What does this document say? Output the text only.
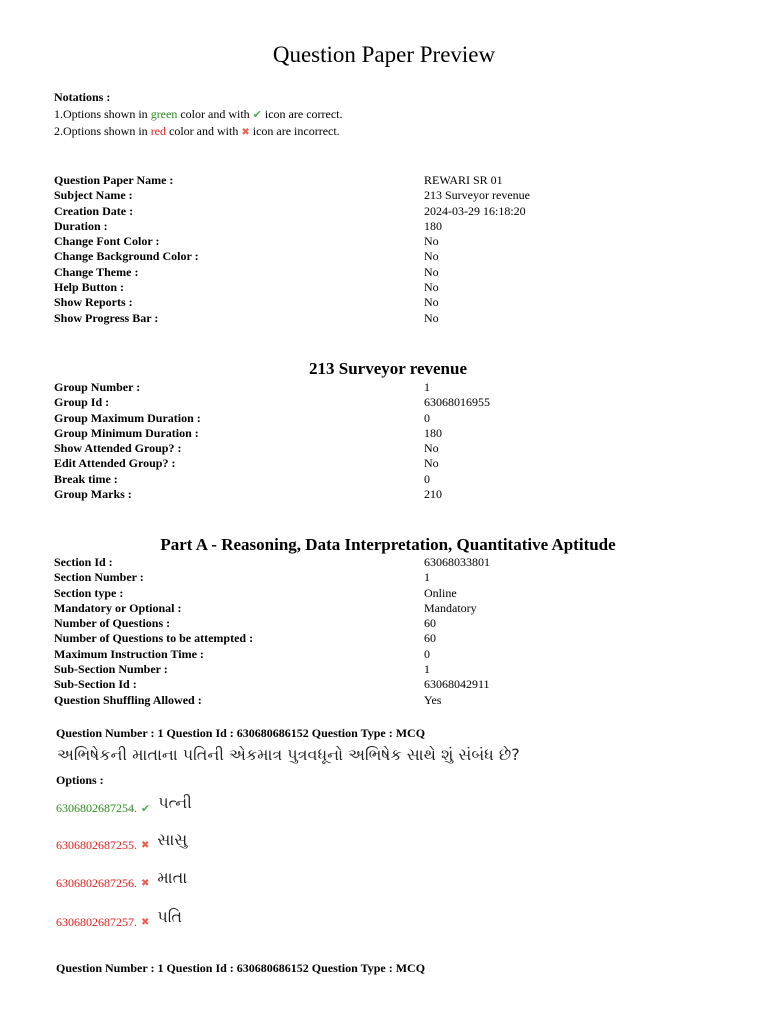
Question Paper Preview
Notations :
1.Options shown in green color and with ✔ icon are correct.
2.Options shown in red color and with ✖ icon are incorrect.
Question Paper Name :	REWARI SR 01
Subject Name :	213 Surveyor revenue
Creation Date :	2024-03-29 16:18:20
Duration :	180
Change Font Color :	No
Change Background Color :	No
Change Theme :	No
Help Button :	No
Show Reports :	No
Show Progress Bar :	No
213 Surveyor revenue
Group Number :	1
Group Id :	63068016955
Group Maximum Duration :	0
Group Minimum Duration :	180
Show Attended Group? :	No
Edit Attended Group? :	No
Break time :	0
Group Marks :	210
Part A - Reasoning, Data Interpretation, Quantitative Aptitude
Section Id :	63068033801
Section Number :	1
Section type :	Online
Mandatory or Optional :	Mandatory
Number of Questions :	60
Number of Questions to be attempted :	60
Maximum Instruction Time :	0
Sub-Section Number :	1
Sub-Section Id :	63068042911
Question Shuffling Allowed :	Yes
Question Number : 1 Question Id : 630680686152 Question Type : MCQ
અભિષેકની માતાના પતિની એકમાત્ર પુત્રવધૂનો અભિષેક સાથે શું સંબંધ છે?
Options :
6306802687254. ✔ પત્ની
6306802687255. ✖ સાસુ
6306802687256. ✖ માતા
6306802687257. ✖ પતિ
Question Number : 1 Question Id : 630680686152 Question Type : MCQ
